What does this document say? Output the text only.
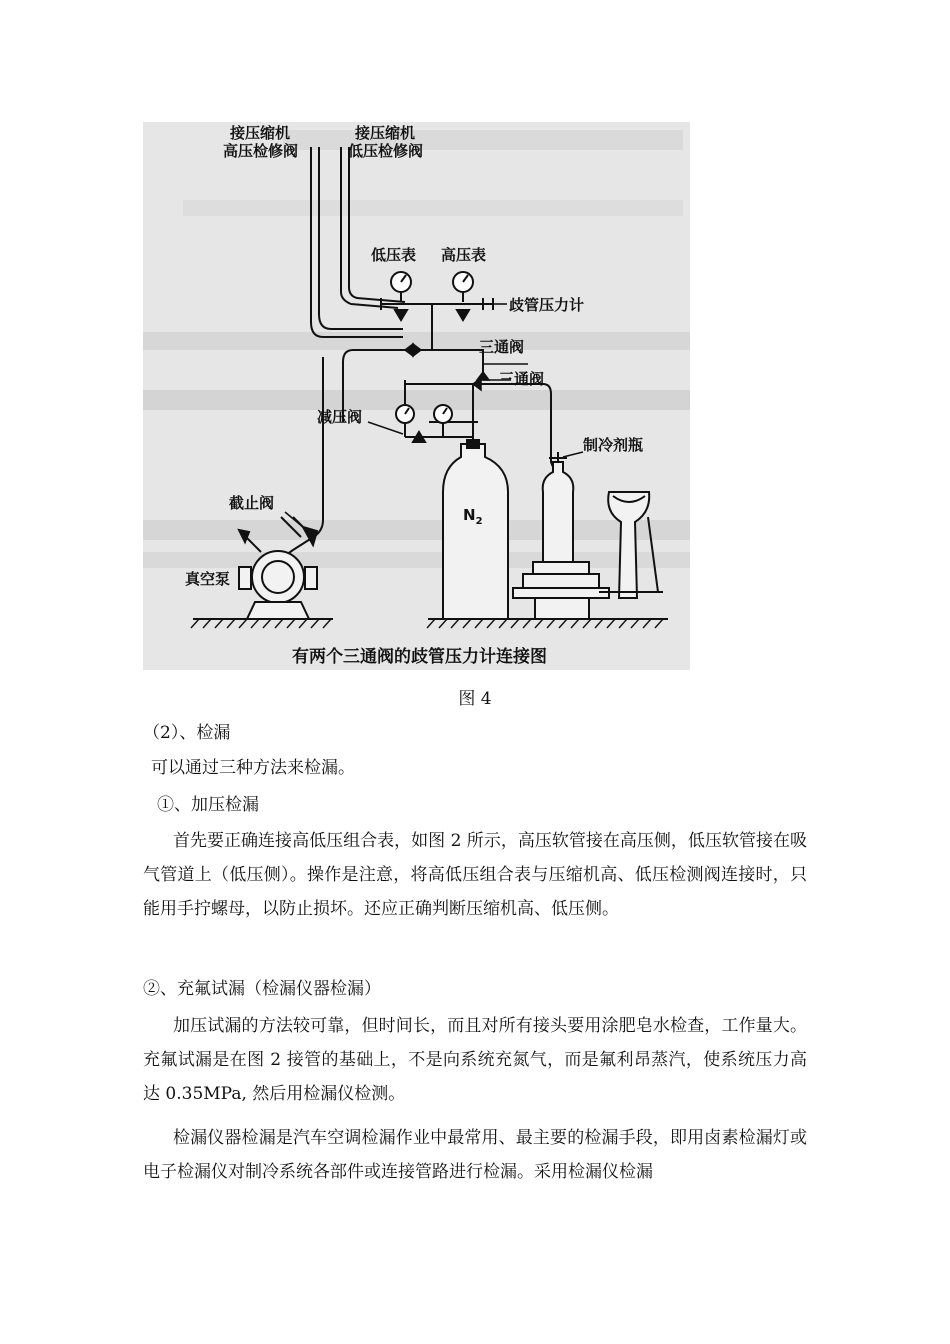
接压缩机
高压检修阀
接压缩机
低压检修阀
低压表 高压表
歧管压力计
三通阀
三通阀
减压阀
制冷剂瓶
截止阀
真空泵
$N_2$
有两个三通阀的歧管压力计连接图
图 4

（2）、检漏

可以通过三种方法来检漏。

①、加压检漏

首先要正确连接高低压组合表，如图 2 所示，高压软管接在高压侧，低压软管接在吸气管道上（低压侧）。操作是注意，将高低压组合表与压缩机高、低压检测阀连接时，只能用手拧螺母，以防止损坏。还应正确判断压缩机高、低压侧。

②、充氟试漏（检漏仪器检漏）

加压试漏的方法较可靠，但时间长，而且对所有接头要用涂肥皂水检查，工作量大。充氟试漏是在图 2 接管的基础上，不是向系统充氮气，而是氟利昂蒸汽，使系统压力高达 0.35MPa, 然后用检漏仪检测。

检漏仪器检漏是汽车空调检漏作业中最常用、最主要的检漏手段，即用卤素检漏灯或电子检漏仪对制冷系统各部件或连接管路进行检漏。采用检漏仪检漏
